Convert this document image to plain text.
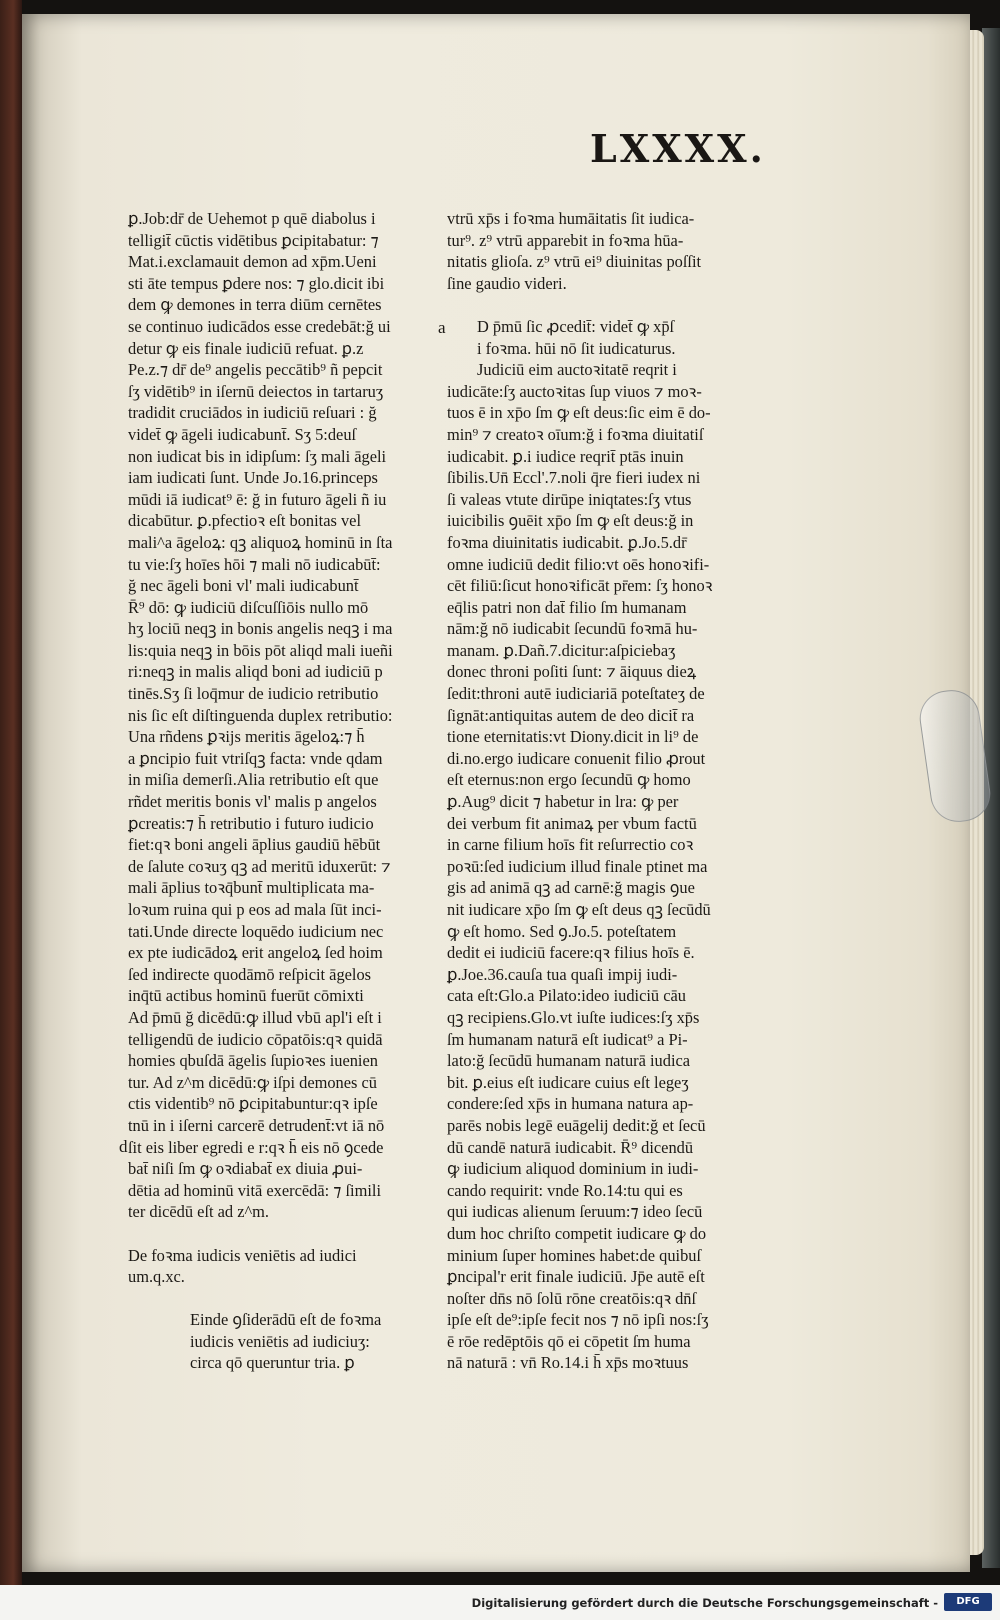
LXXXX.
ꝑ.Job:dr̄ de Uehemot p quē diabolus i
telligit̄ cūctis vidētibus ꝑcipitabatur: ⁊
Mat.i.exclamauit demon ad xp̄m.Ueni
sti āte tempus ꝑdere nos: ⁊ glo.dicit ibi
dem ꝙ demones in terra diūm cernētes
se continuo iudicādos esse credebāt:ğ ui
detur ꝙ eis finale iudiciū refuat. ꝑ.z
Pe.z.⁊ dr̄ de⁹ angelis peccātib⁹ ñ pepcit
ſʒ vidētib⁹ in iſernū deiectos in tartaruʒ
tradidit cruciādos in iudiciū reſuari : ğ
videt̄ ꝙ āgeli iudicabunt̄. Sʒ 5:deuſ
non iudicat bis in idipſum: ſʒ mali āgeli
iam iudicati ſunt. Unde Jo.16.princeps
mūdi iā iudicat⁹ ē: ğ in futuro āgeli ñ iu
dicabūtur. ꝑ.pfectioꝛ eſt bonitas vel
mali^a āgeloꝝ: qꝫ aliquoꝝ hominū in ſta
tu vie:ſʒ hoīes hōi ⁊ mali nō iudicabūt̄:
ğ nec āgeli boni vl' mali iudicabunt̄
R̄⁹ dō: ꝙ iudiciū diſcuſſiōis nullo mō
hʒ lociū neqꝫ in bonis angelis neqꝫ i ma
lis:quia neqꝫ in bōis pōt aliqd mali iueñi
ri:neqꝫ in malis aliqd boni ad iudiciū p
tinēs.Sʒ ſi loq̄mur de iudicio retributio
nis ſic eſt diſtinguenda duplex retributio:
Una rñdens ꝑꝛijs meritis āgeloꝝ:⁊ h̄
a ꝑncipio fuit vtriſqꝫ facta: vnde qdam
in miſia demerſi.Alia retributio eſt que
rñdet meritis bonis vl' malis p angelos
ꝑcreatis:⁊ h̄ retributio i futuro iudicio
fiet:qꝛ boni angeli āplius gaudiū hēbūt
de ſalute coꝛuʒ qꝫ ad meritū iduxerūt: ⁊
mali āplius toꝛq̄bunt̄ multiplicata ma-
loꝛum ruina qui p eos ad mala ſūt inci-
tati.Unde directe loquēdo iudicium nec
ex pte iudicādoꝝ erit angeloꝝ ſed hoim
ſed indirecte quodāmō reſpicit āgelos
inq̄tū actibus hominū fuerūt cōmixti
Ad p̄mū ğ dicēdū:ꝙ illud vbū apl'i eſt i
telligendū de iudicio cōpatōis:qꝛ quidā
homies qbuſdā āgelis ſupioꝛes iuenien
tur. Ad z^m dicēdū:ꝙ iſpi demones cū
ctis videntib⁹ nō ꝑcipitabuntur:qꝛ ipſe
tnū in i iſerni carcerē detrudent̄:vt iā nō
ſit eis liber egredi e r:qꝛ h̄ eis nō ꝯcede
bat̄ niſi ſm ꝙ oꝛdiabat̄ ex diuia ꝓui-
dētia ad hominū vitā exercēdā: ⁊ ſimili
ter dicēdū eſt ad z^m.
De foꝛma iudicis veniētis ad iudici
um.q.xc.
Einde ꝯſiderādū eſt de foꝛma
iudicis veniētis ad iudiciuʒ:
circa qō queruntur tria. ꝑ
vtrū xp̄s i foꝛma humāitatis ſit iudica-
tur⁹. z⁹ vtrū apparebit in foꝛma hūa-
nitatis glioſa. z⁹ vtrū ei⁹ diuinitas poſſit
ſine gaudio videri.
D p̄mū ſic ꝓcedit̄: videt̄ ꝙ xp̄ſ
i foꝛma. hūi nō ſit iudicaturus.
Judiciū eim auctoꝛitatē reqrit i
iudicāte:ſʒ auctoꝛitas ſup viuos ⁊ moꝛ-
tuos ē in xp̄o ſm ꝙ eſt deus:ſic eim ē do-
min⁹ ⁊ creatoꝛ oīum:ğ i foꝛma diuitatiſ
iudicabit. ꝑ.i iudice reqrit̄ ptās inuin
ſibilis.Un̄ Eccl'.7.noli q̄re fieri iudex ni
ſi valeas vtute dirūpe iniqtates:ſʒ vtus
iuicibilis ꝯuēit xp̄o ſm ꝙ eſt deus:ğ in
foꝛma diuinitatis iudicabit. ꝑ.Jo.5.dr̄
omne iudiciū dedit filio:vt oēs honoꝛifi-
cēt filiū:ſicut honoꝛificāt pr̄em: ſʒ honoꝛ
eq̄lis patri non dat̄ filio ſm humanam
nām:ğ nō iudicabit ſecundū foꝛmā hu-
manam. ꝑ.Dañ.7.dicitur:aſpiciebaʒ
donec throni poſiti ſunt: ⁊ āiquus dieꝝ
ſedit:throni autē iudiciariā poteſtateʒ de
ſignāt:antiquitas autem de deo dicit̄ ra
tione eternitatis:vt Diony.dicit in li⁹ de
di.no.ergo iudicare conuenit filio ꝓrout
eſt eternus:non ergo ſecundū ꝙ homo
ꝑ.Aug⁹ dicit ⁊ habetur in lra: ꝙ per
dei verbum fit animaꝝ per vbum factū
in carne filium hoīs fit reſurrectio coꝛ
poꝛū:ſed iudicium illud finale ptinet ma
gis ad animā qꝫ ad carnē:ğ magis ꝯue
nit iudicare xp̄o ſm ꝙ eſt deus qꝫ ſecūdū
ꝙ eſt homo. Sed ꝯ.Jo.5. poteſtatem
dedit ei iudiciū facere:qꝛ filius hoīs ē.
ꝑ.Joe.36.cauſa tua quaſi impij iudi-
cata eſt:Glo.a Pilato:ideo iudiciū cāu
qꝫ recipiens.Glo.vt iuſte iudices:ſʒ xp̄s
ſm humanam naturā eſt iudicat⁹ a Pi-
lato:ğ ſecūdū humanam naturā iudica
bit. ꝑ.eius eſt iudicare cuius eſt legeʒ
condere:ſed xp̄s in humana natura ap-
parēs nobis legē euāgelij dedit:ğ et ſecū
dū candē naturā iudicabit. R̄⁹ dicendū
ꝙ iudicium aliquod dominium in iudi-
cando requirit: vnde Ro.14:tu qui es
qui iudicas alienum ſeruum:⁊ ideo ſecū
dum hoc chriſto competit iudicare ꝙ do
minium ſuper homines habet:de quibuſ
ꝑncipal'r erit finale iudiciū. Jp̄e autē eſt
noſter dn̄s nō ſolū rōne creatōis:qꝛ dn̄ſ
ipſe eſt de⁹:ipſe fecit nos ⁊ nō ipſi nos:ſʒ
ē rōe redēptōis qō ei cōpetit ſm huma
nā naturā : vn̄ Ro.14.i h̄ xp̄s moꝛtuus
a
d
Digitalisierung gefördert durch die Deutsche Forschungsgemeinschaft -	DFG
